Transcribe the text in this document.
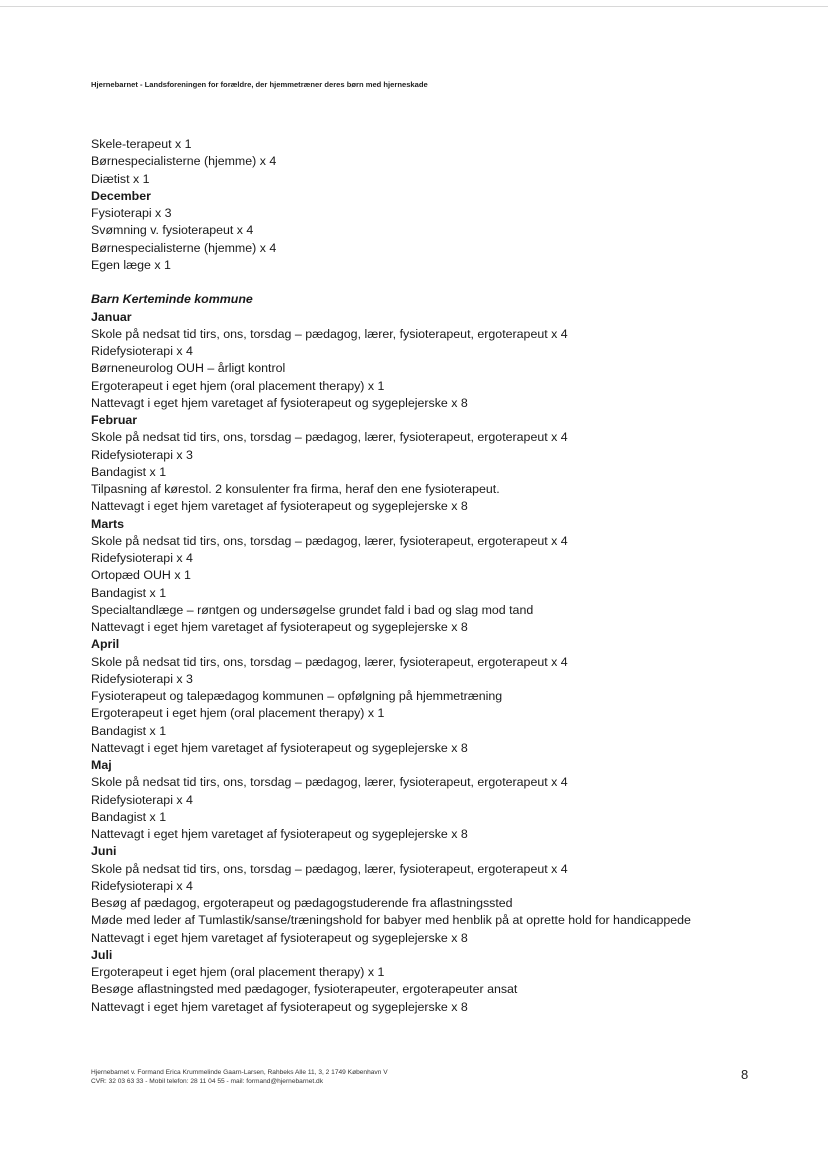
Hjernebarnet - Landsforeningen for forældre, der hjemmetræner deres børn med hjerneskade
Skele-terapeut x 1
Børnespecialisterne (hjemme) x 4
Diætist x 1
December
Fysioterapi x 3
Svømning v. fysioterapeut x 4
Børnespecialisterne (hjemme) x 4
Egen læge x 1
Barn Kerteminde kommune
Januar
Skole på nedsat tid tirs, ons, torsdag – pædagog, lærer, fysioterapeut, ergoterapeut x 4
Ridefysioterapi x 4
Børneneurolog OUH – årligt kontrol
Ergoterapeut i eget hjem (oral placement therapy) x 1
Nattevagt i eget hjem varetaget af fysioterapeut og sygeplejerske x 8
Februar
Skole på nedsat tid tirs, ons, torsdag – pædagog, lærer, fysioterapeut, ergoterapeut x 4
Ridefysioterapi x 3
Bandagist x 1
Tilpasning af kørestol. 2 konsulenter fra firma, heraf den ene fysioterapeut.
Nattevagt i eget hjem varetaget af fysioterapeut og sygeplejerske x 8
Marts
Skole på nedsat tid tirs, ons, torsdag – pædagog, lærer, fysioterapeut, ergoterapeut x 4
Ridefysioterapi x 4
Ortopæd OUH x 1
Bandagist x 1
Specialtandlæge – røntgen og undersøgelse grundet fald i bad og slag mod tand
Nattevagt i eget hjem varetaget af fysioterapeut og sygeplejerske x 8
April
Skole på nedsat tid tirs, ons, torsdag – pædagog, lærer, fysioterapeut, ergoterapeut x 4
Ridefysioterapi x 3
Fysioterapeut og talepædagog kommunen – opfølgning på hjemmetræning
Ergoterapeut i eget hjem (oral placement therapy) x 1
Bandagist x 1
Nattevagt i eget hjem varetaget af fysioterapeut og sygeplejerske x 8
Maj
Skole på nedsat tid tirs, ons, torsdag – pædagog, lærer, fysioterapeut, ergoterapeut x 4
Ridefysioterapi x 4
Bandagist x 1
Nattevagt i eget hjem varetaget af fysioterapeut og sygeplejerske x 8
Juni
Skole på nedsat tid tirs, ons, torsdag – pædagog, lærer, fysioterapeut, ergoterapeut x 4
Ridefysioterapi x 4
Besøg af pædagog, ergoterapeut og pædagogstuderende fra aflastningssted
Møde med leder af Tumlastik/sanse/træningshold for babyer med henblik på at oprette hold for handicappede
Nattevagt i eget hjem varetaget af fysioterapeut og sygeplejerske x 8
Juli
Ergoterapeut i eget hjem (oral placement therapy) x 1
Besøge aflastningsted med pædagoger, fysioterapeuter, ergoterapeuter ansat
Nattevagt i eget hjem varetaget af fysioterapeut og sygeplejerske x 8
Hjernebarnet v. Formand Erica Krummelinde Gaarn-Larsen, Rahbeks Alle 11, 3, 2 1749 København V
CVR: 32 03 63 33 - Mobil telefon: 28 11 04 55 - mail: formand@hjernebarnet.dk	8
